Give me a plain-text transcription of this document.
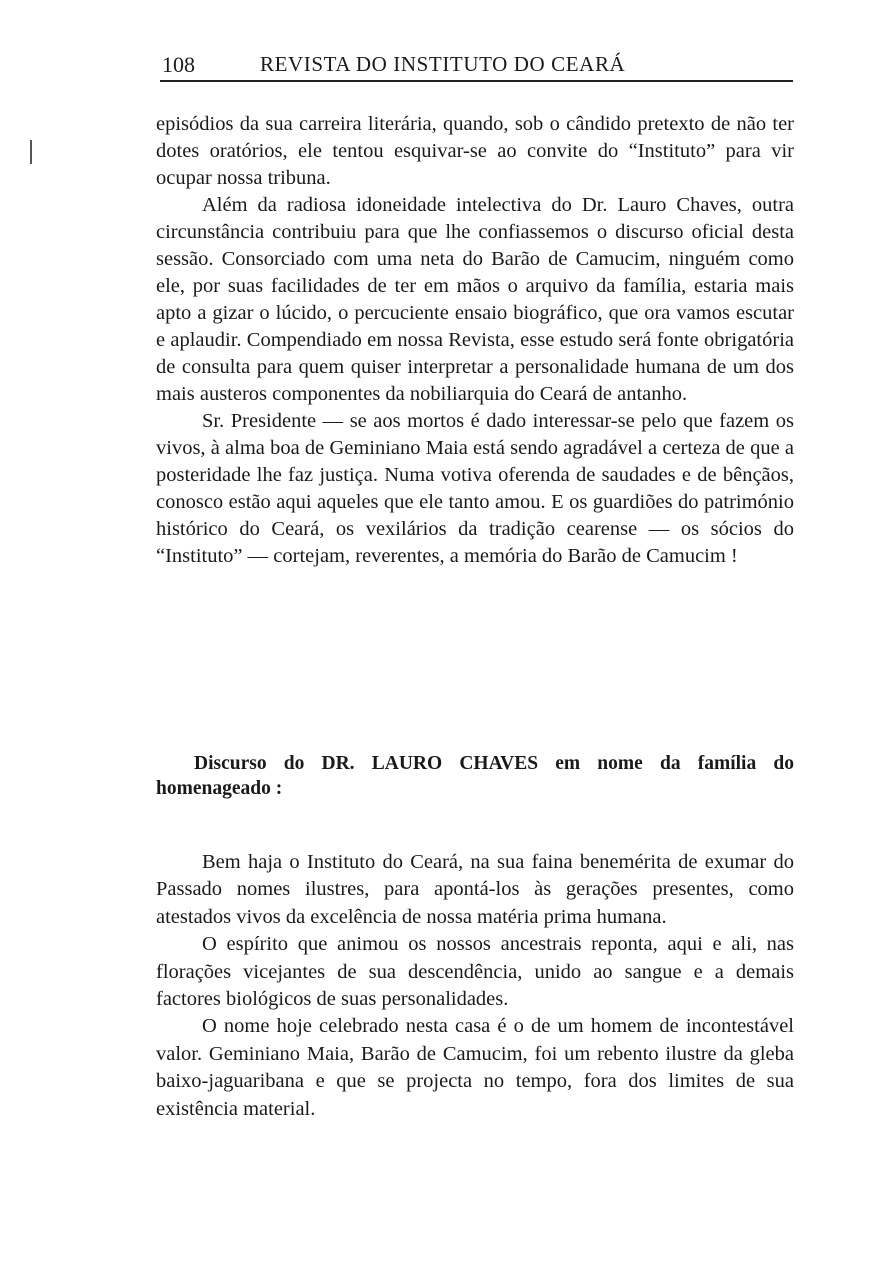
108	REVISTA DO INSTITUTO DO CEARÁ

episódios da sua carreira literária, quando, sob o cândido pretexto de não ter dotes oratórios, ele tentou esquivar-se ao convite do “Instituto” para vir ocupar nossa tribuna.

Além da radiosa idoneidade intelectiva do Dr. Lauro Chaves, outra circunstância contribuiu para que lhe confiassemos o discurso oficial desta sessão. Consorciado com uma neta do Barão de Camucim, ninguém como ele, por suas facilidades de ter em mãos o arquivo da família, estaria mais apto a gizar o lúcido, o percuciente ensaio biográfico, que ora vamos escutar e aplaudir. Compendiado em nossa Revista, esse estudo será fonte obrigatória de consulta para quem quiser interpretar a personalidade humana de um dos mais austeros componentes da nobiliarquia do Ceará de antanho.

Sr. Presidente — se aos mortos é dado interessar-se pelo que fazem os vivos, à alma boa de Geminiano Maia está sendo agradável a certeza de que a posteridade lhe faz justiça. Numa votiva oferenda de saudades e de bênçãos, conosco estão aqui aqueles que ele tanto amou. E os guardiões do património histórico do Ceará, os vexilários da tradição cearense — os sócios do “Instituto” — cortejam, reverentes, a memória do Barão de Camucim !

Discurso do DR. LAURO CHAVES em nome da família do homenageado :

Bem haja o Instituto do Ceará, na sua faina benemérita de exumar do Passado nomes ilustres, para apontá-los às gerações presentes, como atestados vivos da excelência de nossa matéria prima humana.

O espírito que animou os nossos ancestrais reponta, aqui e ali, nas florações vicejantes de sua descendência, unido ao sangue e a demais factores biológicos de suas personalidades.

O nome hoje celebrado nesta casa é o de um homem de incontestável valor. Geminiano Maia, Barão de Camucim, foi um rebento ilustre da gleba baixo-jaguaribana e que se projecta no tempo, fora dos limites de sua existência material.
